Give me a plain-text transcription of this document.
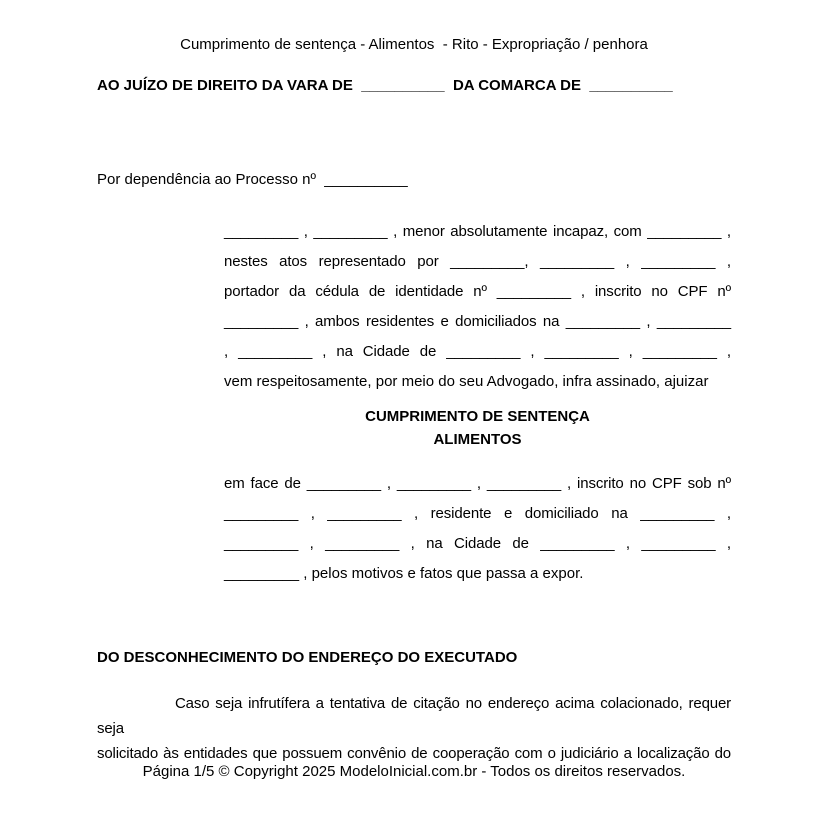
Cumprimento de sentença - Alimentos  - Rito - Expropriação / penhora
AO JUÍZO DE DIREITO DA VARA DE  __________  DA COMARCA DE  __________
Por dependência ao Processo nº  __________
_________ , _________ , menor absolutamente incapaz, com _________ ,
nestes atos representado por _________, _________ , _________ ,
portador da cédula de identidade nº _________ , inscrito no CPF nº
_________ , ambos residentes e domiciliados na _________ , _________
, _________ , na Cidade de _________ , _________ , _________ ,
vem respeitosamente, por meio do seu Advogado, infra assinado, ajuizar
CUMPRIMENTO DE SENTENÇA
ALIMENTOS
em face de _________ , _________ , _________ , inscrito no CPF sob nº
_________ , _________ , residente e domiciliado na _________ ,
_________ , _________ , na Cidade de _________ , _________ ,
_________ , pelos motivos e fatos que passa a expor.
DO DESCONHECIMENTO DO ENDEREÇO DO EXECUTADO
Caso seja infrutífera a tentativa de citação no endereço acima colacionado, requer seja
solicitado às entidades que possuem convênio de cooperação com o judiciário a localização do
Página 1/5 © Copyright 2025 ModeloInicial.com.br - Todos os direitos reservados.
